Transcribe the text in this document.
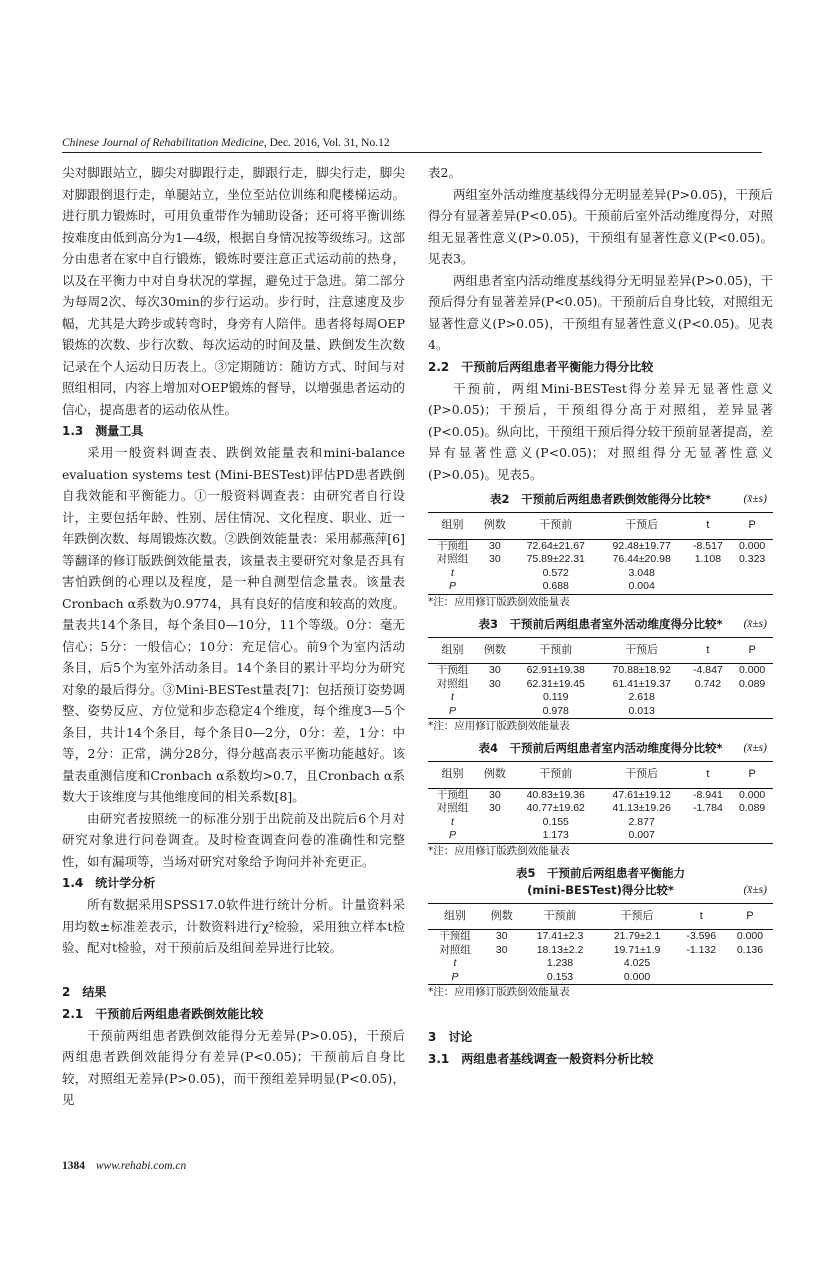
Chinese Journal of Rehabilitation Medicine, Dec. 2016, Vol. 31, No.12

尖对脚跟站立，脚尖对脚跟行走，脚跟行走，脚尖行走，脚尖对脚跟倒退行走，单腿站立，坐位至站位训练和爬楼梯运动。进行肌力锻炼时，可用负重带作为辅助设备；还可将平衡训练按难度由低到高分为1—4级，根据自身情况按等级练习。这部分由患者在家中自行锻炼，锻炼时要注意正式运动前的热身，以及在平衡力中对自身状况的掌握，避免过于急进。第二部分为每周2次、每次30min的步行运动。步行时，注意速度及步幅，尤其是大跨步或转弯时，身旁有人陪伴。患者将每周OEP锻炼的次数、步行次数、每次运动的时间及量、跌倒发生次数记录在个人运动日历表上。③定期随访：随访方式、时间与对照组相同，内容上增加对OEP锻炼的督导，以增强患者运动的信心，提高患者的运动依从性。

1.3　测量工具

采用一般资料调查表、跌倒效能量表和mini-balance evaluation systems test (Mini-BESTest)评估PD患者跌倒自我效能和平衡能力。①一般资料调查表：由研究者自行设计，主要包括年龄、性别、居住情况、文化程度、职业、近一年跌倒次数、每周锻炼次数。②跌倒效能量表：采用郝燕萍[6]等翻译的修订版跌倒效能量表，该量表主要研究对象是否具有害怕跌倒的心理以及程度，是一种自测型信念量表。该量表Cronbach α系数为0.9774，具有良好的信度和较高的效度。量表共14个条目，每个条目0—10分，11个等级。0分：毫无信心；5分：一般信心；10分：充足信心。前9个为室内活动条目，后5个为室外活动条目。14个条目的累计平均分为研究对象的最后得分。③Mini-BESTest量表[7]：包括预订姿势调整、姿势反应、方位觉和步态稳定4个维度，每个维度3—5个条目，共计14个条目，每个条目0—2分，0分：差，1分：中等，2分：正常，满分28分，得分越高表示平衡功能越好。该量表重测信度和Cronbach α系数均>0.7，且Cronbach α系数大于该维度与其他维度间的相关系数[8]。

由研究者按照统一的标准分别于出院前及出院后6个月对研究对象进行问卷调查。及时检查调查问卷的准确性和完整性，如有漏项等，当场对研究对象给予询问并补充更正。

1.4　统计学分析

所有数据采用SPSS17.0软件进行统计分析。计量资料采用均数±标准差表示，计数资料进行χ²检验，采用独立样本t检验、配对t检验，对干预前后及组间差异进行比较。

2　结果
2.1　干预前后两组患者跌倒效能比较

干预前两组患者跌倒效能得分无差异(P>0.05)，干预后两组患者跌倒效能得分有差异(P<0.05)；干预前后自身比较，对照组无差异(P>0.05)，而干预组差异明显(P<0.05)，见

表2。

两组室外活动维度基线得分无明显差异(P>0.05)，干预后得分有显著差异(P<0.05)。干预前后室外活动维度得分，对照组无显著性意义(P>0.05)，干预组有显著性意义(P<0.05)。见表3。

两组患者室内活动维度基线得分无明显差异(P>0.05)，干预后得分有显著差异(P<0.05)。干预前后自身比较，对照组无显著性意义(P>0.05)，干预组有显著性意义(P<0.05)。见表4。

2.2　干预前后两组患者平衡能力得分比较

干预前，两组Mini-BESTest得分差异无显著性意义(P>0.05)；干预后，干预组得分高于对照组，差异显著(P<0.05)。纵向比，干预组干预后得分较干预前显著提高，差异有显著性意义(P<0.05)；对照组得分无显著性意义(P>0.05)。见表5。

表2　干预前后两组患者跌倒效能得分比较*	(x̄±s)
组别	例数	干预前	干预后	t	P
干预组	30	72.64±21.67	92.48±19.77	-8.517	0.000
对照组	30	75.89±22.31	76.44±20.98	1.108	0.323
t		0.572	3.048		
P		0.688	0.004		
*注：应用修订版跌倒效能量表
表3　干预前后两组患者室外活动维度得分比较* (x̄±s)
组别	例数	干预前	干预后	t	P
干预组	30	62.91±19.38	70.88±18.92	-4.847	0.000
对照组	30	62.31±19.45	61.41±19.37	0.742	0.089
t		0.119	2.618		
P		0.978	0.013		
*注：应用修订版跌倒效能量表
表4　干预前后两组患者室内活动维度得分比较* (x̄±s)
组别	例数	干预前	干预后	t	P
干预组	30	40.83±19.36	47.61±19.12	-8.941	0.000
对照组	30	40.77±19.62	41.13±19.26	-1.784	0.089
t		0.155	2.877		
P		1.173	0.007		
*注：应用修订版跌倒效能量表
表5　干预前后两组患者平衡能力
(mini-BESTest)得分比较*	(x̄±s)
组别	例数	干预前	干预后	t	P
干预组	30	17.41±2.3	21.79±2.1	-3.596	0.000
对照组	30	18.13±2.2	19.71±1.9	-1.132	0.136
t		1.238	4.025		
P		0.153	0.000		
*注：应用修订版跌倒效能量表
3　讨论
3.1　两组患者基线调查一般资料分析比较
1384 www.rehabi.com.cn
